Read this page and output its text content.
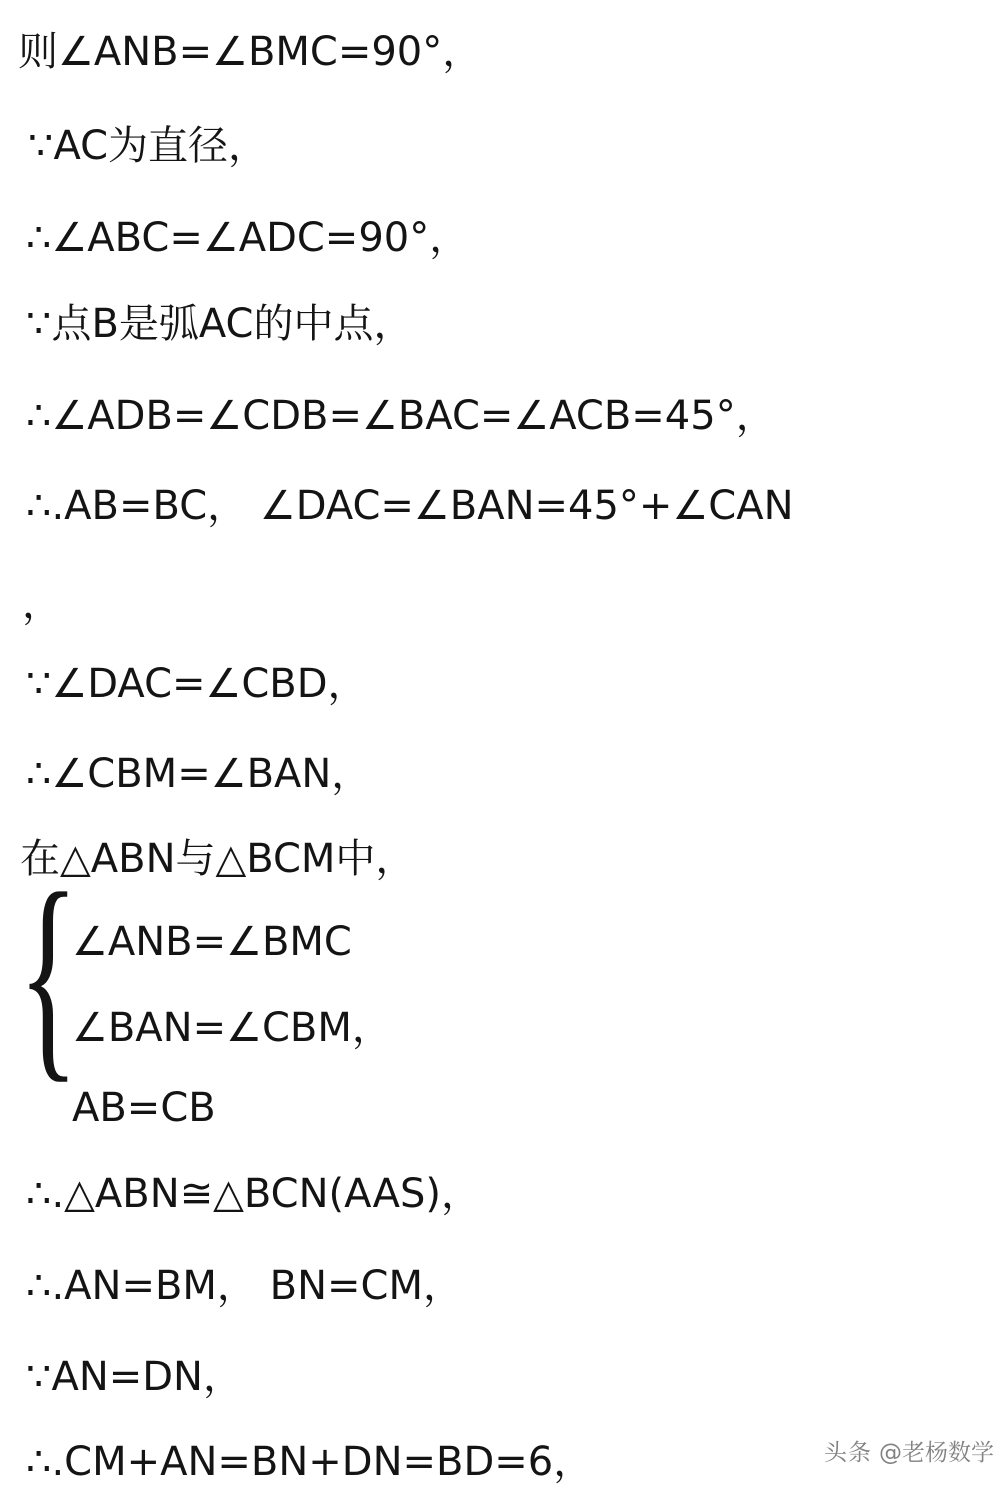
则∠ANB=∠BMC=90°，
∵AC为直径，
∴∠ABC=∠ADC=90°，
∵点B是弧AC的中点，
∴∠ADB=∠CDB=∠BAC=∠ACB=45°，
∴.AB=BC， ∠DAC=∠BAN=45°+∠CAN
，
∵∠DAC=∠CBD，
∴∠CBM=∠BAN，
在△ABN与△BCM中，
{
∠ANB=∠BMC
∠BAN=∠CBM，
AB=CB
∴.△ABN≅△BCN(AAS)，
∴.AN=BM， BN=CM，
∵AN=DN，
∴.CM+AN=BN+DN=BD=6，	头条 @老杨数学
